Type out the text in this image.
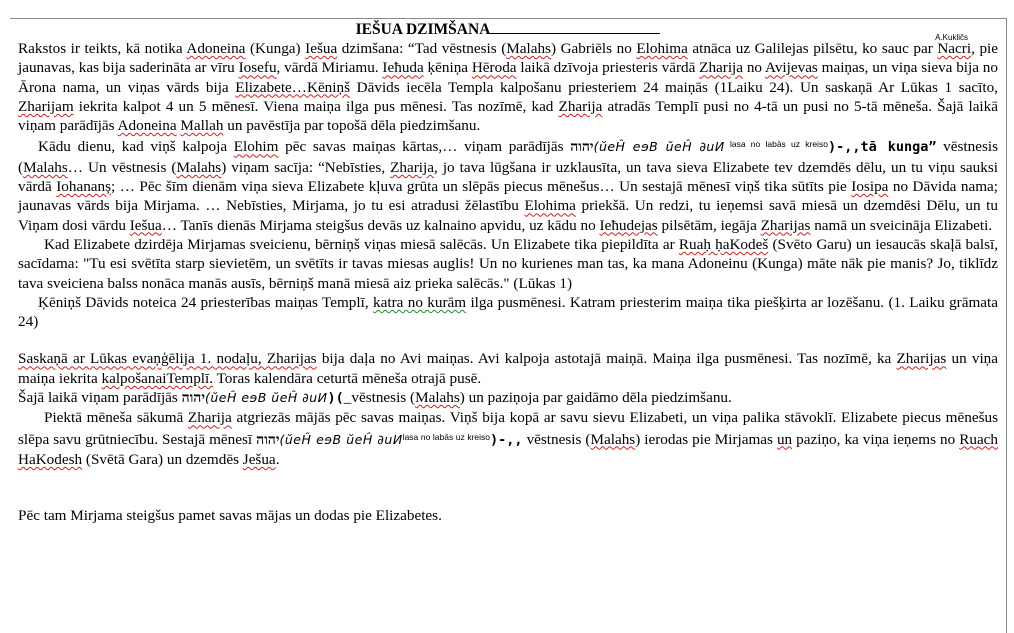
IEŠUA DZIMŠANA	A.Kukličs

Rakstos ir teikts, kā notika Adoneina (Kunga) Iešua dzimšana: “Tad vēstnesis (Malahs) Gabriēls no Elohima atnāca uz Galilejas pilsētu, ko sauc par Nacri, pie jaunavas, kas bija saderināta ar vīru Iosefu, vārdā Miriamu. Ieħuda ķēniņa Hēroda laikā dzīvoja priesteris vārdā Zharija no Avijevas maiņas, un viņa sieva bija no Ārona nama, un viņas vārds bija Elizabete…Kēniņš Dāvids iecēla Templa kalpošanu priesteriem 24 maiņās (1Laiku 24). Un saskaņā Ar Lūkas 1 sacīto, Zharijam iekrita kalpot 4 un 5 mēnesī. Viena maiņa ilga pus mēnesi. Tas nozīmē, kad Zharija atradās Templī pusi no 4-tā un pusi no 5-tā mēneša. Šajā laikā viņam parādījās Adoneina Mallah un pavēstīja par topošā dēla piedzimšanu.

Kādu dienu, kad viņš kalpoja Elohim pēc savas maiņas kārtas,… viņam parādījās יהוה(ŭeĤ eɘB ŭeĤ ∂uИ $^{lasa no labās uz kreiso}$)-,,tā kunga” vēstnesis (Malahs… Un vēstnesis (Malahs) viņam sacīja: “Nebīsties, Zharija, jo tava lūgšana ir uzklausīta, un tava sieva Elizabete tev dzemdēs dēlu, un tu viņu sauksi vārdā Iohananș; … Pēc šīm dienām viņa sieva Elizabete kļuva grūta un slēpās piecus mēnešus… Un sestajā mēnesī viņš tika sūtīts pie Iosipa no Dāvida nama; jaunavas vārds bija Mirjama. … Nebīsties, Mirjama, jo tu esi atradusi žēlastību Elohima priekšā. Un redzi, tu ieņemsi savā miesā un dzemdēsi Dēlu, un tu Viņam dosi vārdu Iešua… Tanīs dienās Mirjama steigšus devās uz kalnaino apvidu, uz kādu no Ieħudejas pilsētām, iegāja Zharijas namā un sveicināja Elizabeti.

Kad Elizabete dzirdēja Mirjamas sveicienu, bērniņš viņas miesā salēcās. Un Elizabete tika piepildīta ar Ruaḥ ḥaKodeš (Svēto Garu) un iesaucās skaļā balsī, sacīdama: "Tu esi svētīta starp sievietēm, un svētīts ir tavas miesas auglis! Un no kurienes man tas, ka mana Adoneinu (Kunga) māte nāk pie manis? Jo, tiklīdz tava sveiciena balss nonāca manās ausīs, bērniņš manā miesā aiz prieka salēcās." (Lūkas 1)

Ķēniņš Dāvids noteica 24 priesterības maiņas Templī, katra no kurām ilga pusmēnesi. Katram priesterim maiņa tika piešķirta ar lozēšanu. (1. Laiku grāmata 24)

Saskaņā ar Lūkas evaņģēlija 1. nodaļu, Zharijas bija daļa no Avi maiņas. Avi kalpoja astotajā maiņā. Maiņa ilga pusmēnesi. Tas nozīmē, ka Zharijas un viņa maiņa iekrita kalpošanaiTemplī. Toras kalendāra ceturtā mēneša otrajā pusē.

Šajā laikā viņam parādījās יהוה(ŭeĤ eɘB ŭeĤ ∂uИ)(_vēstnesis (Malahs) un paziņoja par gaidāmo dēla piedzimšanu.

Piektā mēneša sākumā Zharija atgriezās mājās pēc savas maiņas. Viņš bija kopā ar savu sievu Elizabeti, un viņa palika stāvoklī. Elizabete piecus mēnešus slēpa savu grūtniecību. Sestajā mēnesī יהוה(ŭeĤ eɘB ŭeĤ $\partial uИ^{lasa no labās uz kreiso})-$,, vēstnesis (Malahs) ierodas pie Mirjamas un paziņo, ka viņa ieņems no Ruach HaKodesh (Svētā Gara) un dzemdēs Ješua.

Pēc tam Mirjama steigšus pamet savas mājas un dodas pie Elizabetes.
